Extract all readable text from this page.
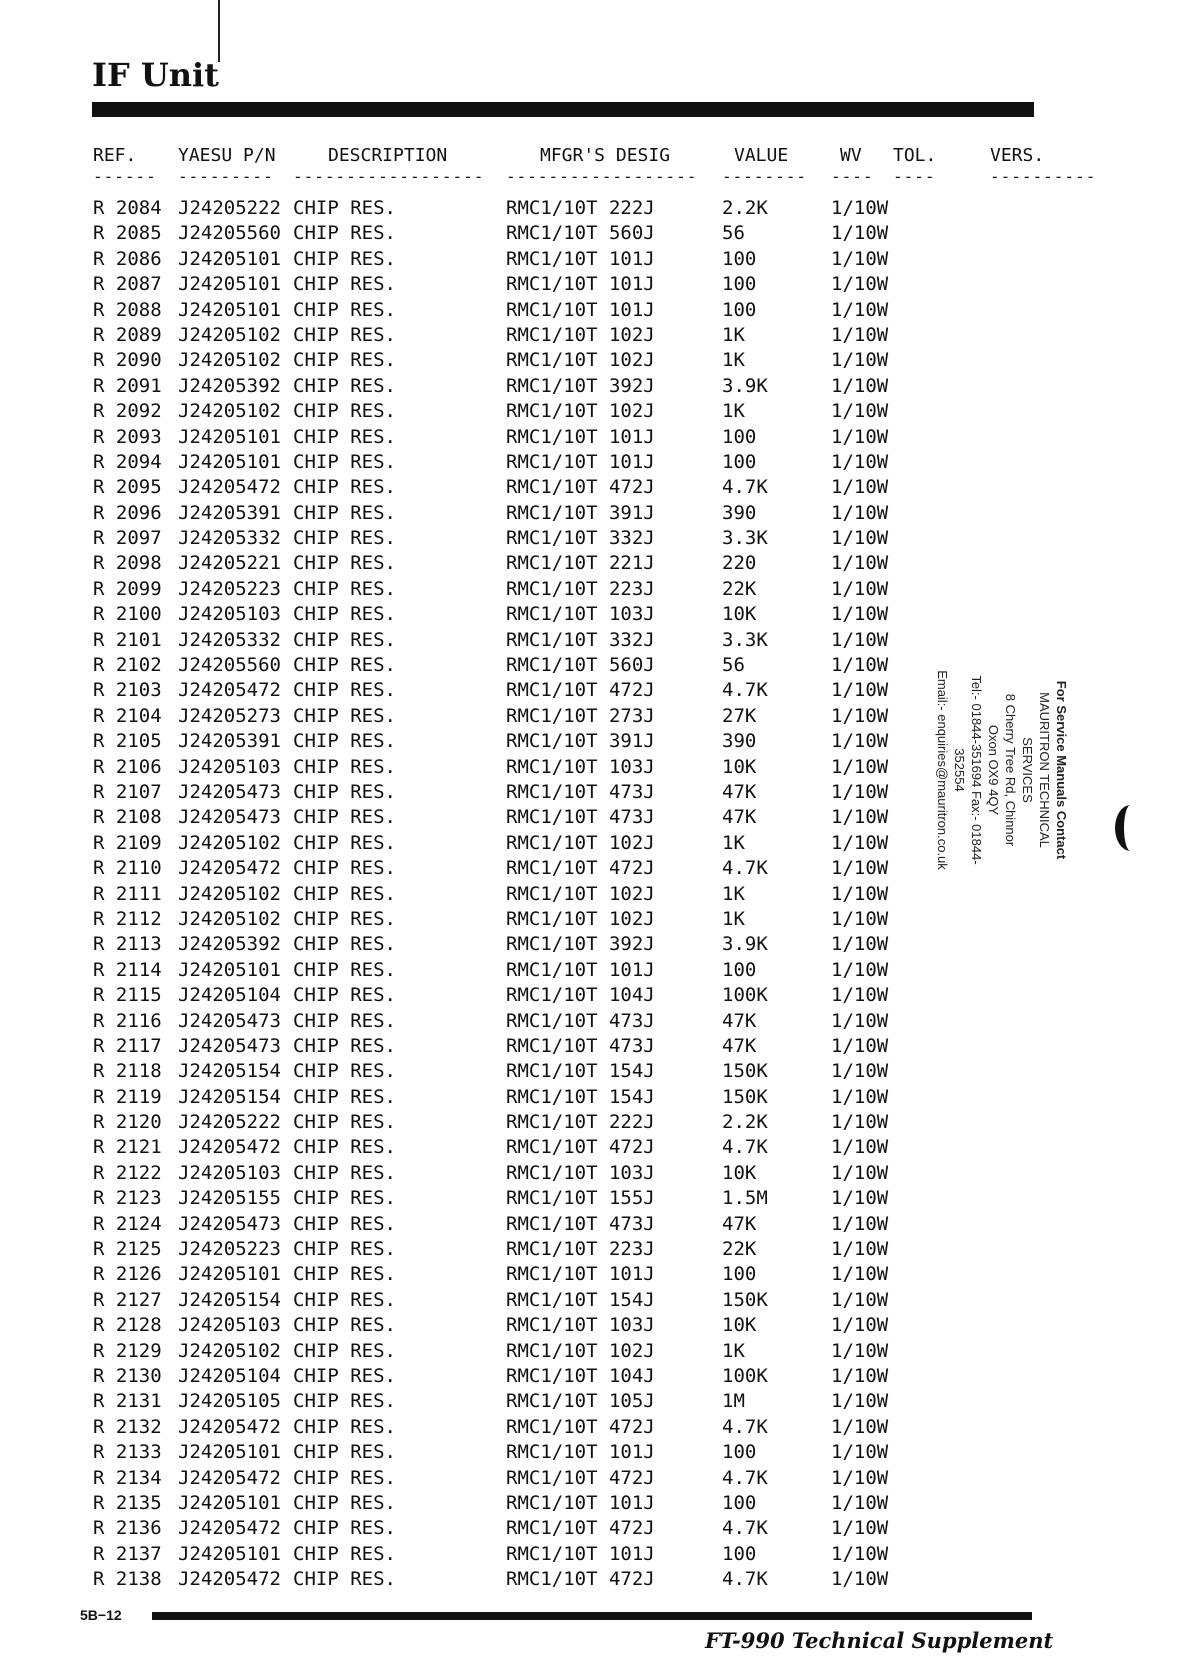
IF Unit
REF. YAESU P/N	DESCRIPTION	MFGR'S DESIG	VALUE	WV TOL.	VERS.
------ --------- ------------------ ------------------ -------- ---- ----	----------
R 2084 J24205222 CHIP RES.	RMC1/10T 222J	2.2K	1/10W
R 2085 J24205560 CHIP RES.	RMC1/10T 560J	56	1/10W
R 2086 J24205101 CHIP RES.	RMC1/10T 101J	100	1/10W
R 2087 J24205101 CHIP RES.	RMC1/10T 101J	100	1/10W
R 2088 J24205101 CHIP RES.	RMC1/10T 101J	100	1/10W
R 2089 J24205102 CHIP RES.	RMC1/10T 102J	1K	1/10W
R 2090 J24205102 CHIP RES.	RMC1/10T 102J	1K	1/10W
R 2091 J24205392 CHIP RES.	RMC1/10T 392J	3.9K	1/10W
R 2092 J24205102 CHIP RES.	RMC1/10T 102J	1K	1/10W
R 2093 J24205101 CHIP RES.	RMC1/10T 101J	100	1/10W
R 2094 J24205101 CHIP RES.	RMC1/10T 101J	100	1/10W
R 2095 J24205472 CHIP RES.	RMC1/10T 472J	4.7K	1/10W
R 2096 J24205391 CHIP RES.	RMC1/10T 391J	390	1/10W
R 2097 J24205332 CHIP RES.	RMC1/10T 332J	3.3K	1/10W
R 2098 J24205221 CHIP RES.	RMC1/10T 221J	220	1/10W
R 2099 J24205223 CHIP RES.	RMC1/10T 223J	22K	1/10W
R 2100 J24205103 CHIP RES.	RMC1/10T 103J	10K	1/10W
R 2101 J24205332 CHIP RES.	RMC1/10T 332J	3.3K	1/10W
R 2102 J24205560 CHIP RES.	RMC1/10T 560J	56	1/10W
R 2103 J24205472 CHIP RES.	RMC1/10T 472J	4.7K	1/10W
R 2104 J24205273 CHIP RES.	RMC1/10T 273J	27K	1/10W
R 2105 J24205391 CHIP RES.	RMC1/10T 391J	390	1/10W
R 2106 J24205103 CHIP RES.	RMC1/10T 103J	10K	1/10W
R 2107 J24205473 CHIP RES.	RMC1/10T 473J	47K	1/10W
R 2108 J24205473 CHIP RES.	RMC1/10T 473J	47K	1/10W
R 2109 J24205102 CHIP RES.	RMC1/10T 102J	1K	1/10W
R 2110 J24205472 CHIP RES.	RMC1/10T 472J	4.7K	1/10W
R 2111 J24205102 CHIP RES.	RMC1/10T 102J	1K	1/10W
R 2112 J24205102 CHIP RES.	RMC1/10T 102J	1K	1/10W
R 2113 J24205392 CHIP RES.	RMC1/10T 392J	3.9K	1/10W
R 2114 J24205101 CHIP RES.	RMC1/10T 101J	100	1/10W
R 2115 J24205104 CHIP RES.	RMC1/10T 104J	100K	1/10W
R 2116 J24205473 CHIP RES.	RMC1/10T 473J	47K	1/10W
R 2117 J24205473 CHIP RES.	RMC1/10T 473J	47K	1/10W
R 2118 J24205154 CHIP RES.	RMC1/10T 154J	150K	1/10W
R 2119 J24205154 CHIP RES.	RMC1/10T 154J	150K	1/10W
R 2120 J24205222 CHIP RES.	RMC1/10T 222J	2.2K	1/10W
R 2121 J24205472 CHIP RES.	RMC1/10T 472J	4.7K	1/10W
R 2122 J24205103 CHIP RES.	RMC1/10T 103J	10K	1/10W
R 2123 J24205155 CHIP RES.	RMC1/10T 155J	1.5M	1/10W
R 2124 J24205473 CHIP RES.	RMC1/10T 473J	47K	1/10W
R 2125 J24205223 CHIP RES.	RMC1/10T 223J	22K	1/10W
R 2126 J24205101 CHIP RES.	RMC1/10T 101J	100	1/10W
R 2127 J24205154 CHIP RES.	RMC1/10T 154J	150K	1/10W
R 2128 J24205103 CHIP RES.	RMC1/10T 103J	10K	1/10W
R 2129 J24205102 CHIP RES.	RMC1/10T 102J	1K	1/10W
R 2130 J24205104 CHIP RES.	RMC1/10T 104J	100K	1/10W
R 2131 J24205105 CHIP RES.	RMC1/10T 105J	1M	1/10W
R 2132 J24205472 CHIP RES.	RMC1/10T 472J	4.7K	1/10W
R 2133 J24205101 CHIP RES.	RMC1/10T 101J	100	1/10W
R 2134 J24205472 CHIP RES.	RMC1/10T 472J	4.7K	1/10W
R 2135 J24205101 CHIP RES.	RMC1/10T 101J	100	1/10W
R 2136 J24205472 CHIP RES.	RMC1/10T 472J	4.7K	1/10W
R 2137 J24205101 CHIP RES.	RMC1/10T 101J	100	1/10W
R 2138 J24205472 CHIP RES.	RMC1/10T 472J	4.7K	1/10W
For Service Manuals Contact
MAURITRON TECHNICAL SERVICES
8 Cherry Tree Rd, Chinnor
Oxon OX9 4QY
Tel:- 01844-351694 Fax:- 01844-352554
Email:- enquiries@mauritron.co.uk
5B−12
FT-990 Technical Supplement
